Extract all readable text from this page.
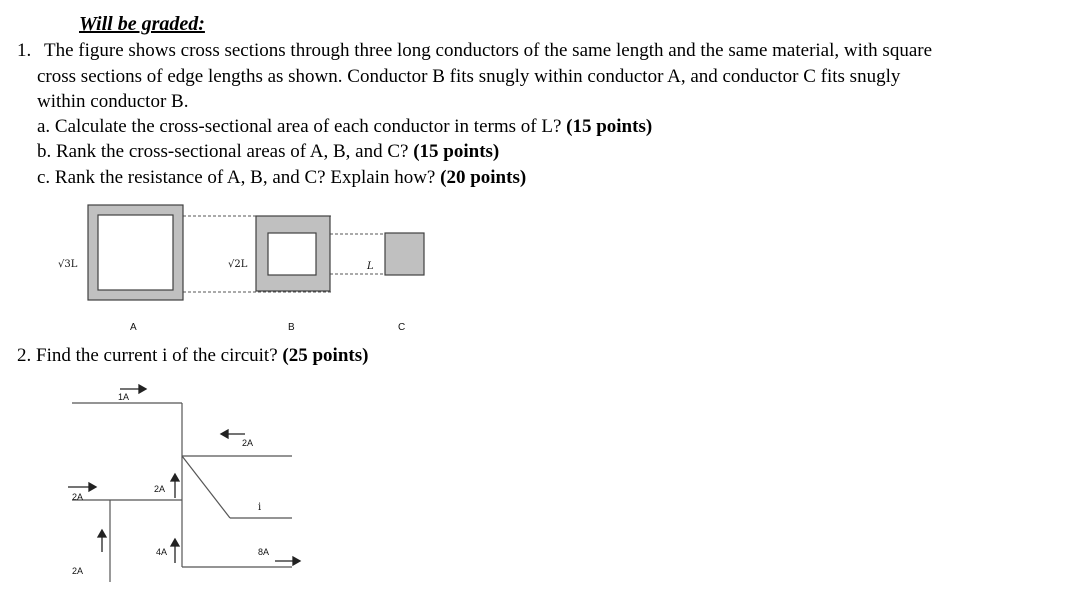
Will be graded:
1. The figure shows cross sections through three long conductors of the same length and the same material, with square
cross sections of edge lengths as shown. Conductor B fits snugly within conductor A, and conductor C fits snugly
within conductor B.
a. Calculate the cross-sectional area of each conductor in terms of L? (15 points)
b. Rank the cross-sectional areas of A, B, and C? (15 points)
c. Rank the resistance of A, B, and C? Explain how? (20 points)
√3L	√2L	L
A	B	C
2. Find the current i of the circuit? (25 points)
1A
2A
2A
2A
i
2A
4A	8A
